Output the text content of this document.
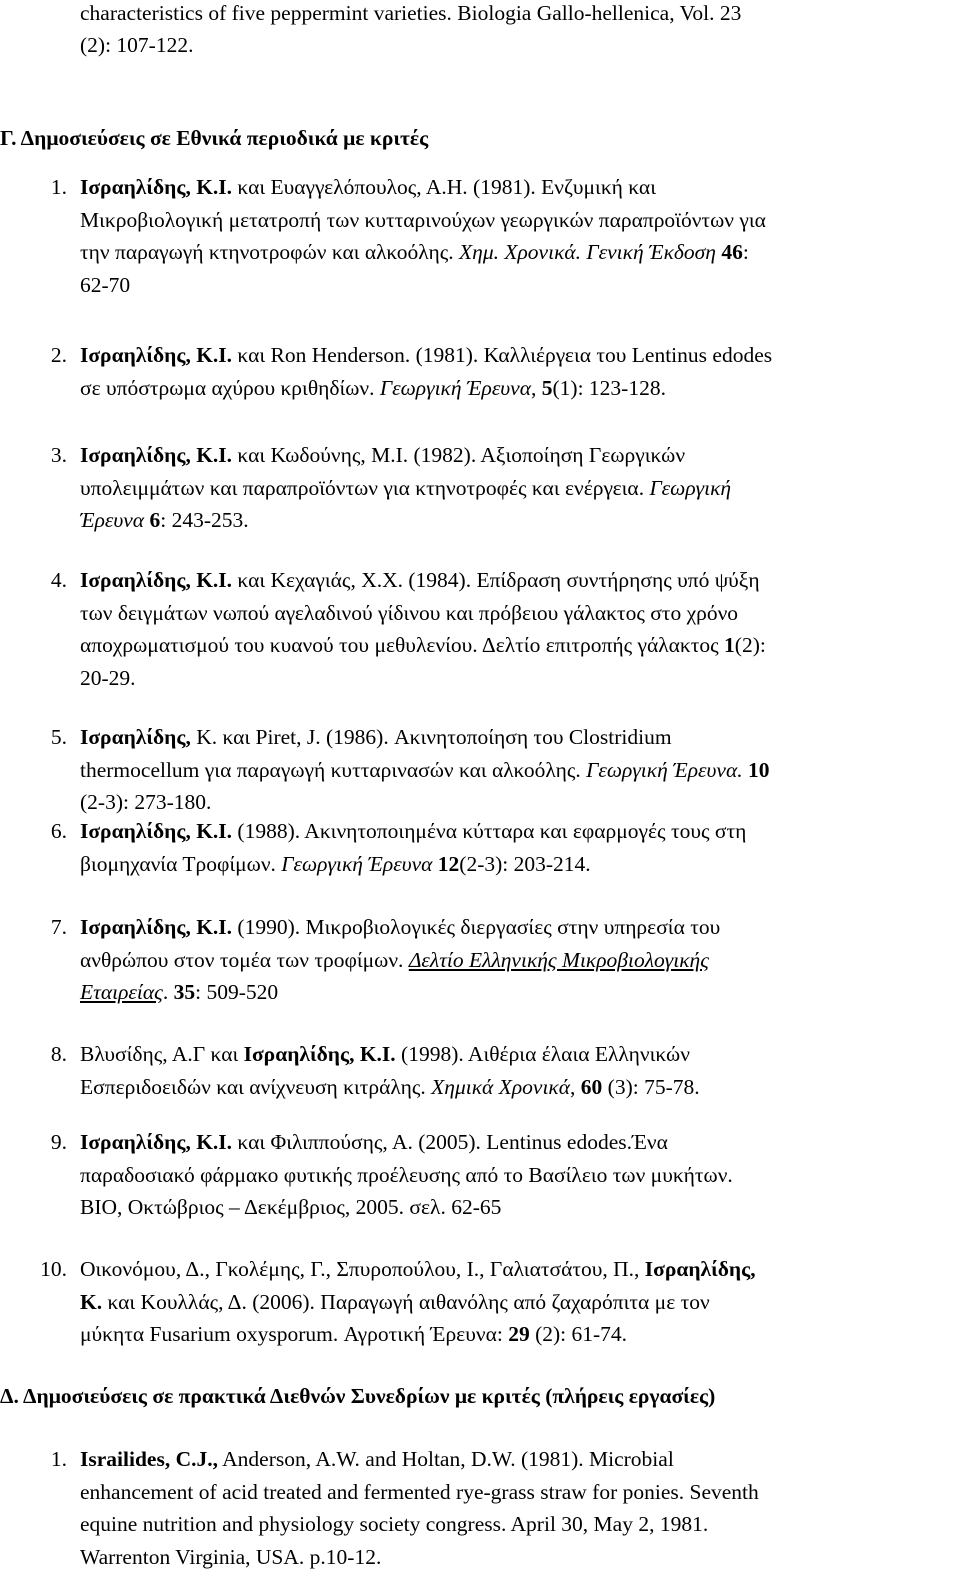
characteristics of five peppermint varieties. Biologia Gallo-hellenica, Vol. 23
(2): 107-122.
Γ. Δημοσιεύσεις σε Εθνικά περιοδικά με κριτές
1. Ισραηλίδης, Κ.Ι. και Ευαγγελόπουλος, Α.Η. (1981). Ενζυμική και
Μικροβιολογική μετατροπή των κυτταρινούχων γεωργικών παραπροϊόντων για
την παραγωγή κτηνοτροφών και αλκοόλης. Χημ. Χρονικά. Γενική Έκδοση 46:
62-70
2. Ισραηλίδης, Κ.Ι. και Ron Henderson. (1981). Καλλιέργεια του Lentinus edodes
σε υπόστρωμα αχύρου κριθηδίων. Γεωργική Έρευνα, 5(1): 123-128.
3. Ισραηλίδης, Κ.Ι. και Κωδούνης, Μ.Ι. (1982). Αξιοποίηση Γεωργικών
υπολειμμάτων και παραπροϊόντων για κτηνοτροφές και ενέργεια. Γεωργική
Έρευνα 6: 243-253.
4. Ισραηλίδης, Κ.Ι. και Κεχαγιάς, Χ.Χ. (1984). Επίδραση συντήρησης υπό ψύξη
των δειγμάτων νωπού αγελαδινού γίδινου και πρόβειου γάλακτος στο χρόνο
αποχρωματισμού του κυανού του μεθυλενίου. Δελτίο επιτροπής γάλακτος 1(2):
20-29.
5. Ισραηλίδης, Κ. και Piret, J. (1986). Ακινητοποίηση του Clostridium
thermocellum για παραγωγή κυτταρινασών και αλκοόλης. Γεωργική Έρευνα. 10
(2-3): 273-180.
6. Ισραηλίδης, Κ.Ι. (1988). Ακινητοποιημένα κύτταρα και εφαρμογές τους στη
βιομηχανία Τροφίμων. Γεωργική Έρευνα 12(2-3): 203-214.
7. Ισραηλίδης, Κ.Ι. (1990). Μικροβιολογικές διεργασίες στην υπηρεσία του
ανθρώπου στον τομέα των τροφίμων. Δελτίο Ελληνικής Μικροβιολογικής
Εταιρείας. 35: 509-520
8. Βλυσίδης, Α.Γ και Ισραηλίδης, Κ.Ι. (1998). Αιθέρια έλαια Ελληνικών
Εσπεριδοειδών και ανίχνευση κιτράλης. Χημικά Χρονικά, 60 (3): 75-78.
9. Ισραηλίδης, Κ.Ι. και Φιλιππούσης, Α. (2005). Lentinus edodes.Ένα
παραδοσιακό φάρμακο φυτικής προέλευσης από το Βασίλειο των μυκήτων.
ΒΙΟ, Οκτώβριος – Δεκέμβριος, 2005. σελ. 62-65
10. Οικονόμου, Δ., Γκολέμης, Γ., Σπυροπούλου, Ι., Γαλιατσάτου, Π., Ισραηλίδης,
Κ. και Κουλλάς, Δ. (2006). Παραγωγή αιθανόλης από ζαχαρόπιτα με τον
μύκητα Fusarium oxysporum. Αγροτική Έρευνα: 29 (2): 61-74.
Δ. Δημοσιεύσεις σε πρακτικά Διεθνών Συνεδρίων με κριτές (πλήρεις εργασίες)
1. Israilides, C.J., Anderson, A.W. and Holtan, D.W. (1981). Microbial
enhancement of acid treated and fermented rye-grass straw for ponies. Seventh
equine nutrition and physiology society congress. April 30, May 2, 1981.
Warrenton Virginia, USA. p.10-12.
